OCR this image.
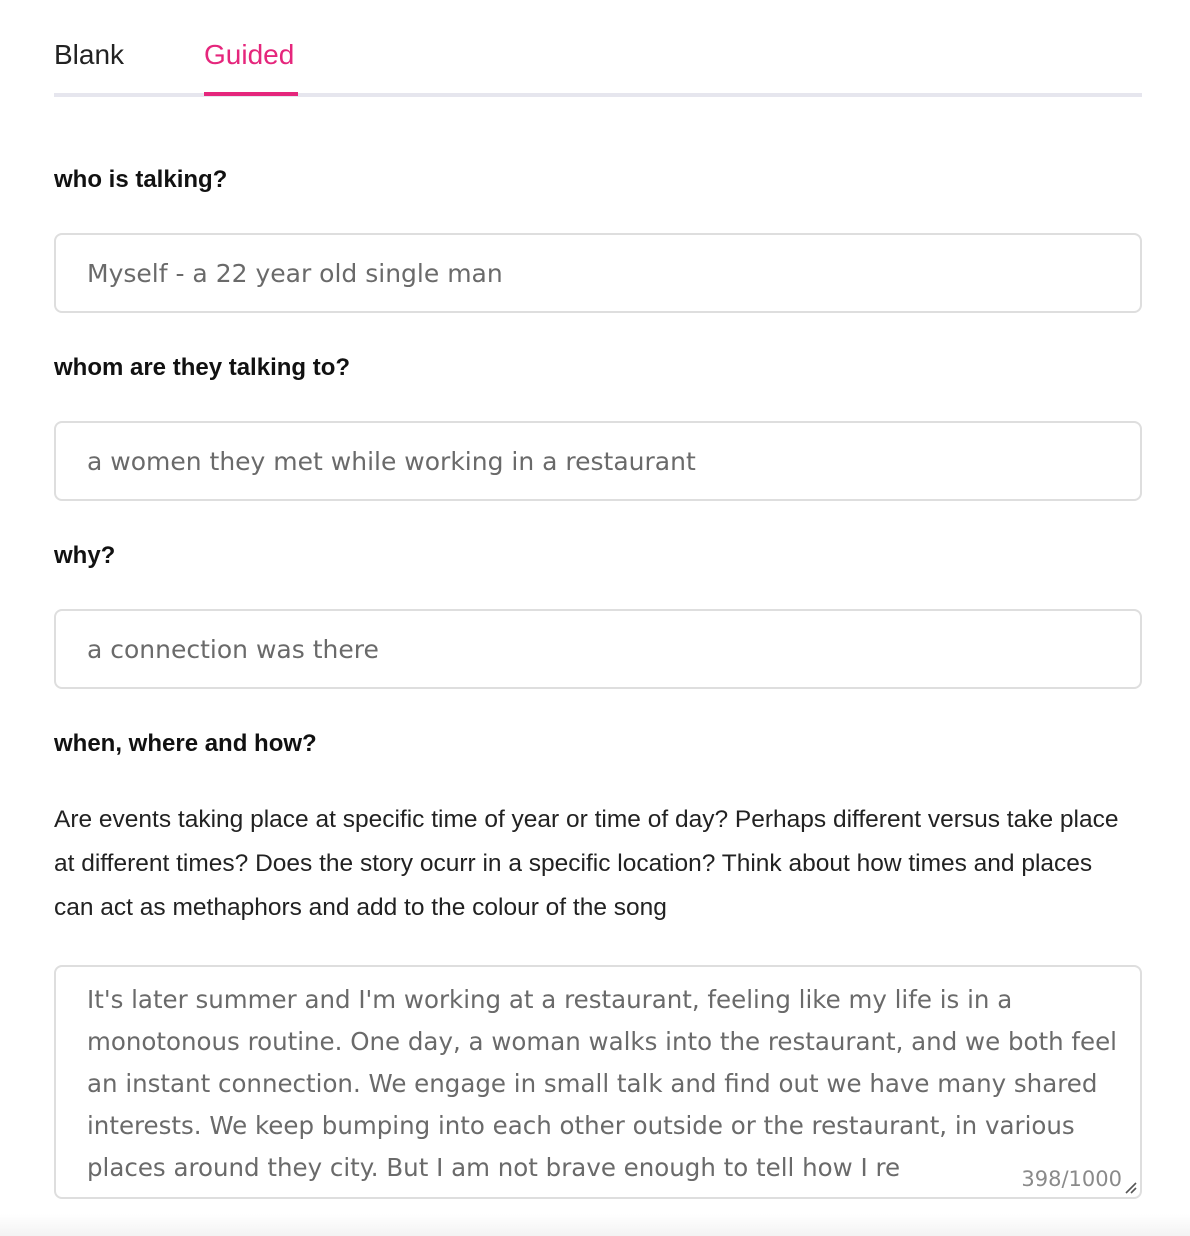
Blank	Guided
who is talking?
Myself - a 22 year old single man
whom are they talking to?
a women they met while working in a restaurant
why?
a connection was there
when, where and how?
Are events taking place at specific time of year or time of day? Perhaps different versus take place at different times? Does the story ocurr in a specific location? Think about how times and places can act as methaphors and add to the colour of the song
It's later summer and I'm working at a restaurant, feeling like my life is in a monotonous routine. One day, a woman walks into the restaurant, and we both feel an instant connection. We engage in small talk and find out we have many shared interests. We keep bumping into each other outside or the restaurant, in various places around they city. But I am not brave enough to tell how I re	398/1000
